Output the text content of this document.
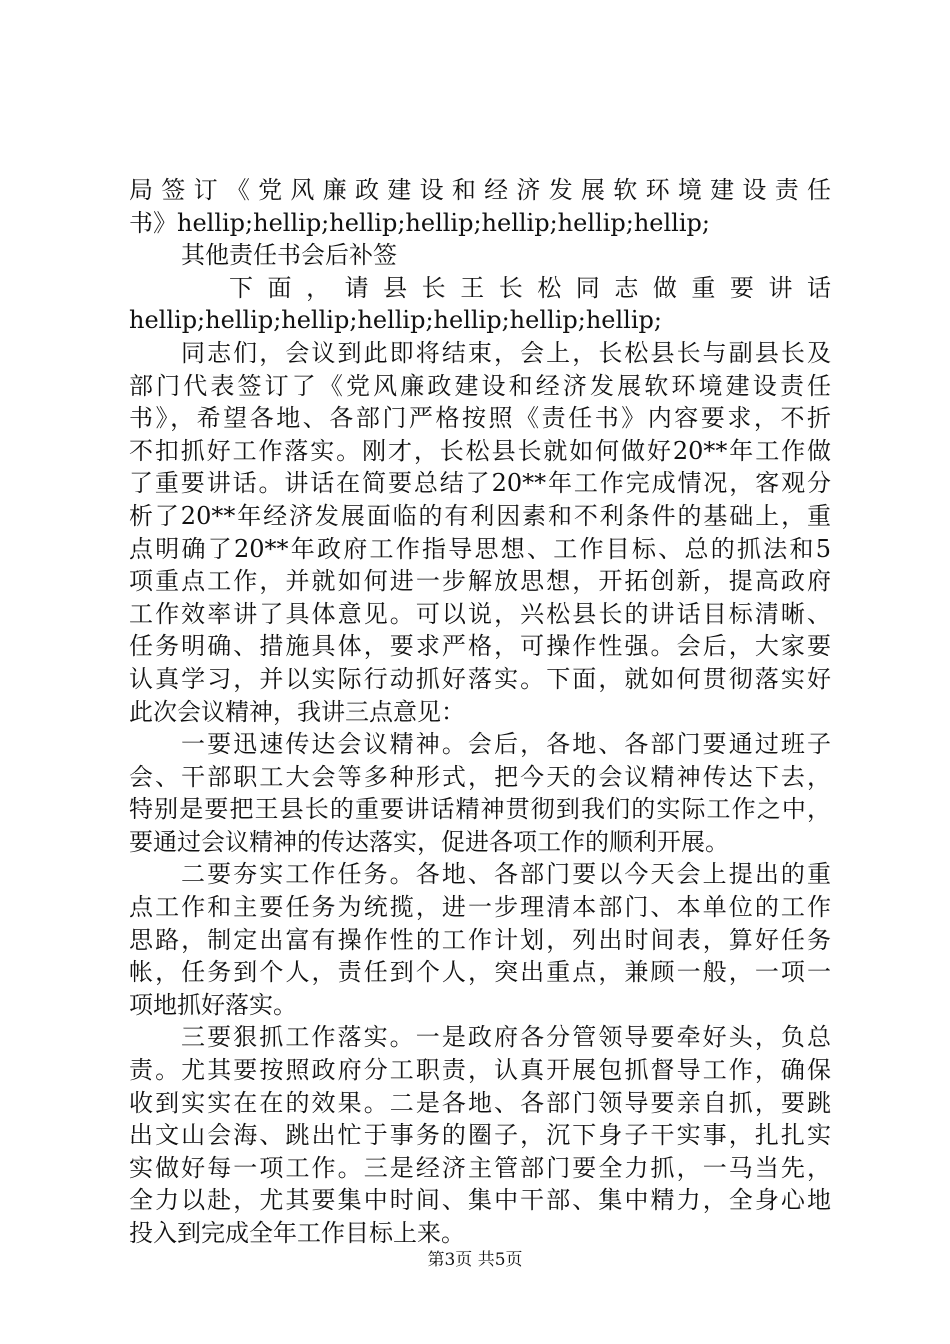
局签订《党风廉政建设和经济发展软环境建设责任
书》hellip;hellip;hellip;hellip;hellip;hellip;hellip;
其他责任书会后补签
下面，请县长王长松同志做重要讲话
hellip;hellip;hellip;hellip;hellip;hellip;hellip;
同志们，会议到此即将结束，会上，长松县长与副县长及
部门代表签订了《党风廉政建设和经济发展软环境建设责任
书》，希望各地、各部门严格按照《责任书》内容要求，不折
不扣抓好工作落实。刚才，长松县长就如何做好20**年工作做
了重要讲话。讲话在简要总结了20**年工作完成情况，客观分
析了20**年经济发展面临的有利因素和不利条件的基础上，重
点明确了20**年政府工作指导思想、工作目标、总的抓法和5
项重点工作，并就如何进一步解放思想，开拓创新，提高政府
工作效率讲了具体意见。可以说，兴松县长的讲话目标清晰、
任务明确、措施具体，要求严格，可操作性强。会后，大家要
认真学习，并以实际行动抓好落实。下面，就如何贯彻落实好
此次会议精神，我讲三点意见：
一要迅速传达会议精神。会后，各地、各部门要通过班子
会、干部职工大会等多种形式，把今天的会议精神传达下去，
特别是要把王县长的重要讲话精神贯彻到我们的实际工作之中，
要通过会议精神的传达落实，促进各项工作的顺利开展。
二要夯实工作任务。各地、各部门要以今天会上提出的重
点工作和主要任务为统揽，进一步理清本部门、本单位的工作
思路，制定出富有操作性的工作计划，列出时间表，算好任务
帐，任务到个人，责任到个人，突出重点，兼顾一般，一项一
项地抓好落实。
三要狠抓工作落实。一是政府各分管领导要牵好头，负总
责。尤其要按照政府分工职责，认真开展包抓督导工作，确保
收到实实在在的效果。二是各地、各部门领导要亲自抓，要跳
出文山会海、跳出忙于事务的圈子，沉下身子干实事，扎扎实
实做好每一项工作。三是经济主管部门要全力抓，一马当先，
全力以赴，尤其要集中时间、集中干部、集中精力，全身心地
投入到完成全年工作目标上来。
第3页 共5页
